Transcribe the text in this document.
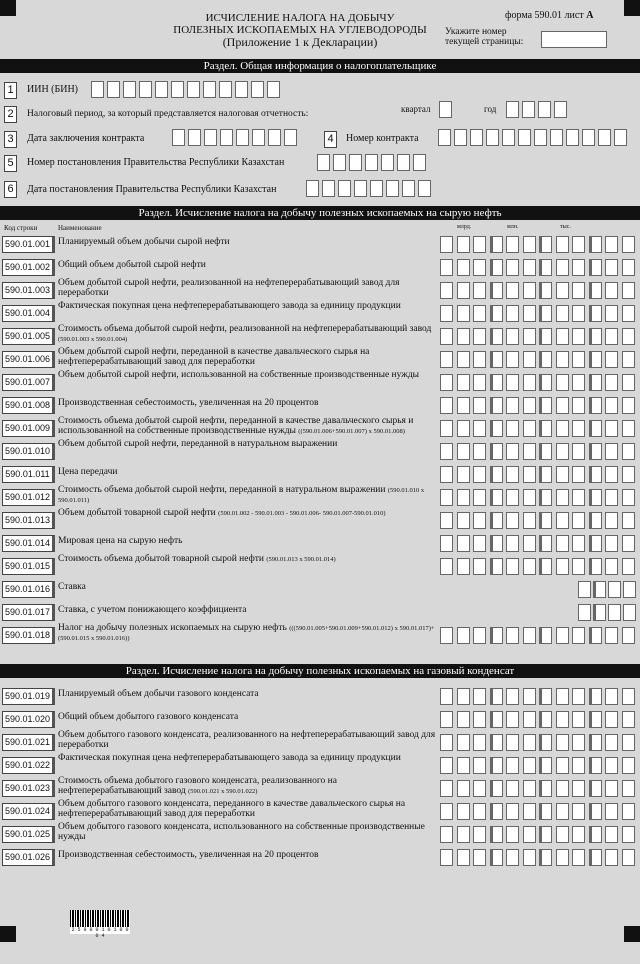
ИСЧИСЛЕНИЕ НАЛОГА НА ДОБЫЧУ
ПОЛЕЗНЫХ ИСКОПАЕМЫХ НА УГЛЕВОДОРОДЫ
(Приложение 1 к Декларации)
форма 590.01 лист А
Укажите номер
текущей страницы:
Раздел. Общая информация о налогоплательщике
1	ИИН (БИН)
2	Налоговый период, за который представляется налоговая отчетность:	квартал	год
3	Дата заключения контракта	4	Номер контракта
5	Номер постановления Правительства Республики Казахстан
6	Дата постановления Правительства Республики Казахстан
Раздел. Исчисление налога на добычу полезных ископаемых на сырую нефть
Код строки	Наименование	млрд.	млн.	тыс.
590.01.001 Планируемый объем добычи сырой нефти
590.01.002 Общий объем добытой сырой нефти
590.01.003
Объем добытой сырой нефти, реализованной на нефтеперерабатывающий завод для переработки
590.01.004
Фактическая покупная цена нефтеперерабатывающего завода за единицу продукции
590.01.005
Стоимость объема добытой сырой нефти, реализованной на нефтеперерабатывающий завод (590.01.003 x 590.01.004)
590.01.006
Объем добытой сырой нефти, переданной в качестве давальческого сырья на нефтеперерабатывающий завод для переработки
590.01.007
Объем добытой сырой нефти, использованной на собственные производственные нужды
590.01.008 Производственная себестоимость, увеличенная на 20 процентов
590.01.009
Стоимость объема добытой сырой нефти, переданной в качестве давальческого сырья и использованной на собственные производственные нужды ((590.01.006+590.01.007) x 590.01.008)
590.01.010
Объем добытой сырой нефти, переданной в натуральном выражении
590.01.011 Цена передачи
590.01.012
Стоимость объема добытой сырой нефти, переданной в натуральном выражении (590.01.010 x 590.01.011)
590.01.013
Объем добытой товарной сырой нефти (590.01.002 - 590.01.003 - 590.01.006- 590.01.007-590.01.010)
590.01.014 Мировая цена на сырую нефть
590.01.015
Стоимость объема добытой товарной сырой нефти (590.01.013 x 590.01.014)
590.01.016 Ставка
590.01.017 Ставка, с учетом понижающего коэффициента
590.01.018
Налог на добычу полезных ископаемых на сырую нефть (((590.01.005+590.01.009+590.01.012) x 590.01.017)+(590.01.015 x 590.01.016))
Раздел. Исчисление налога на добычу полезных ископаемых на газовый конденсат
590.01.019 Планируемый объем добычи газового конденсата
590.01.020 Общий объем добытого газового конденсата
590.01.021
Объем добытого газового конденсата, реализованного на нефтеперерабатывающий завод для переработки
590.01.022
Фактическая покупная цена нефтеперерабатывающего завода за единицу продукции
590.01.023
Стоимость объема добытого газового конденсата, реализованного на нефтеперерабатывающий завод (590.01.021 x 590.01.022)
590.01.024
Объем добытого газового конденсата, переданного в качестве давальческого сырья на нефтеперерабатывающий завод для переработки
590.01.025
Объем добытого газового конденсата, использованного на собственные производственные нужды
590.01.026 Производственная себестоимость, увеличенная на 20 процентов
2 5 9 0 0 1 0 1 0 0 0 4
